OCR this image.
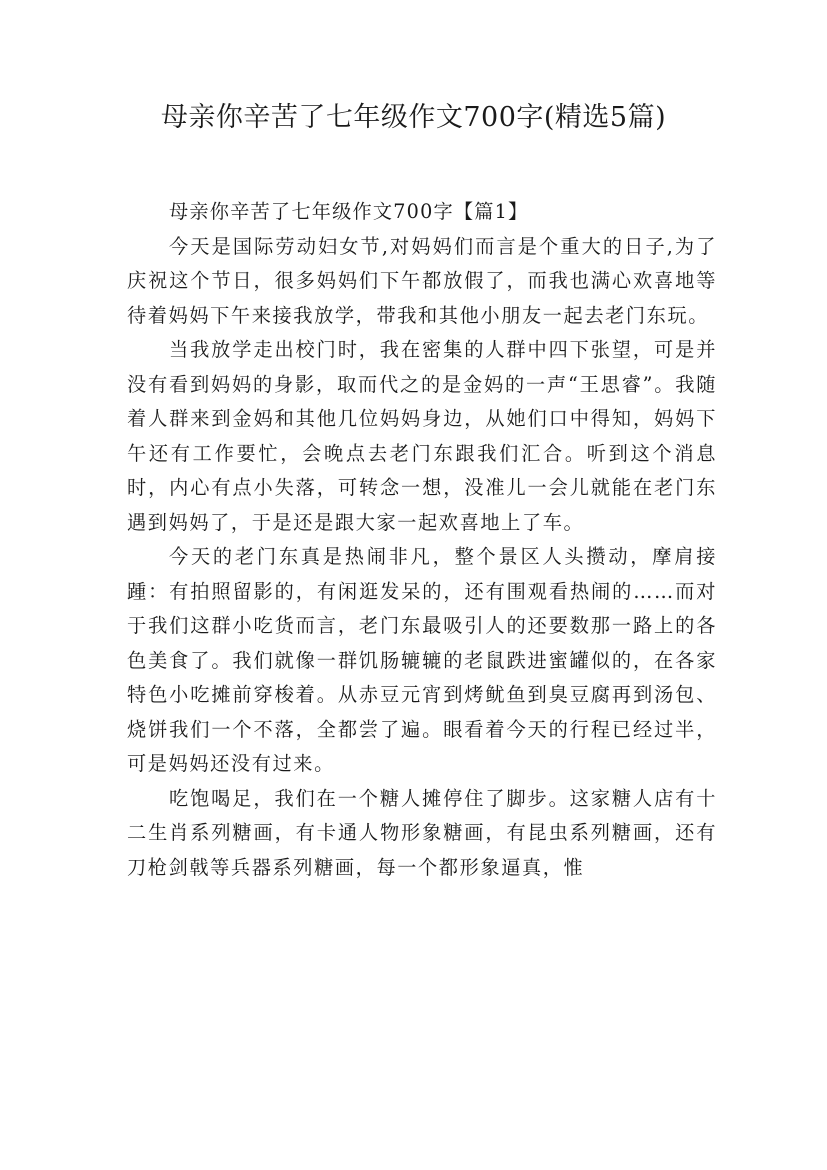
母亲你辛苦了七年级作文700字(精选5篇)

母亲你辛苦了七年级作文700字【篇1】

今天是国际劳动妇女节,对妈妈们而言是个重大的日子,为了庆祝这个节日，很多妈妈们下午都放假了，而我也满心欢喜地等待着妈妈下午来接我放学，带我和其他小朋友一起去老门东玩。

当我放学走出校门时，我在密集的人群中四下张望，可是并没有看到妈妈的身影，取而代之的是金妈的一声“王思睿”。我随着人群来到金妈和其他几位妈妈身边，从她们口中得知，妈妈下午还有工作要忙，会晚点去老门东跟我们汇合。听到这个消息时，内心有点小失落，可转念一想，没准儿一会儿就能在老门东遇到妈妈了，于是还是跟大家一起欢喜地上了车。

今天的老门东真是热闹非凡，整个景区人头攒动，摩肩接踵：有拍照留影的，有闲逛发呆的，还有围观看热闹的……而对于我们这群小吃货而言，老门东最吸引人的还要数那一路上的各色美食了。我们就像一群饥肠辘辘的老鼠跌进蜜罐似的，在各家特色小吃摊前穿梭着。从赤豆元宵到烤鱿鱼到臭豆腐再到汤包、烧饼我们一个不落，全都尝了遍。眼看着今天的行程已经过半，可是妈妈还没有过来。

吃饱喝足，我们在一个糖人摊停住了脚步。这家糖人店有十二生肖系列糖画，有卡通人物形象糖画，有昆虫系列糖画，还有刀枪剑戟等兵器系列糖画，每一个都形象逼真，惟
